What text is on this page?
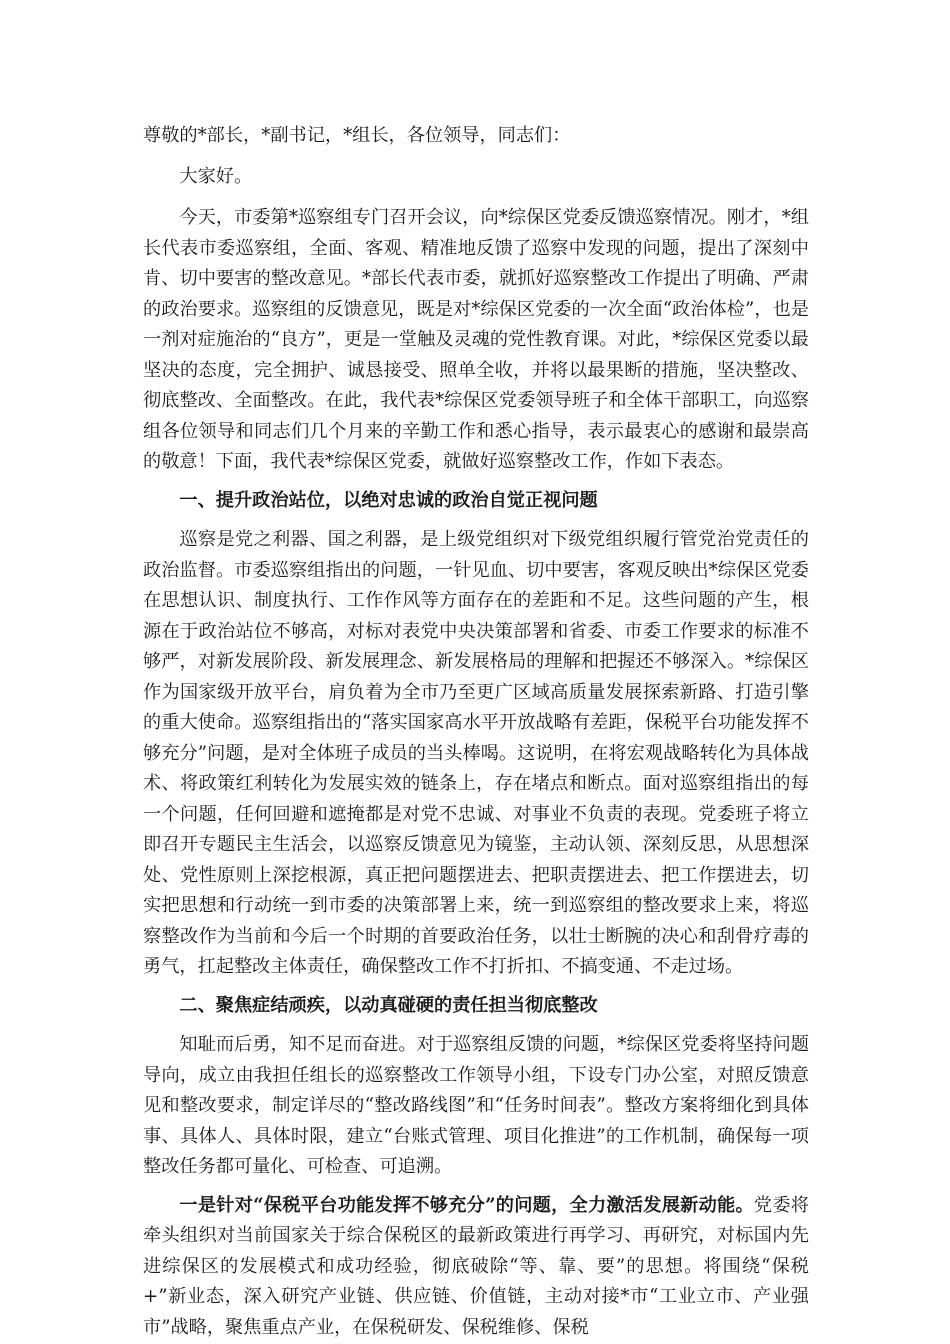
尊敬的*部长，*副书记，*组长，各位领导，同志们：

大家好。

今天，市委第*巡察组专门召开会议，向*综保区党委反馈巡察情况。刚才，*组长代表市委巡察组，全面、客观、精准地反馈了巡察中发现的问题，提出了深刻中肯、切中要害的整改意见。*部长代表市委，就抓好巡察整改工作提出了明确、严肃的政治要求。巡察组的反馈意见，既是对*综保区党委的一次全面“政治体检”，也是一剂对症施治的“良方”，更是一堂触及灵魂的党性教育课。对此，*综保区党委以最坚决的态度，完全拥护、诚恳接受、照单全收，并将以最果断的措施，坚决整改、彻底整改、全面整改。在此，我代表*综保区党委领导班子和全体干部职工，向巡察组各位领导和同志们几个月来的辛勤工作和悉心指导，表示最衷心的感谢和最崇高的敬意！下面，我代表*综保区党委，就做好巡察整改工作，作如下表态。

一、提升政治站位，以绝对忠诚的政治自觉正视问题

巡察是党之利器、国之利器，是上级党组织对下级党组织履行管党治党责任的政治监督。市委巡察组指出的问题，一针见血、切中要害，客观反映出*综保区党委在思想认识、制度执行、工作作风等方面存在的差距和不足。这些问题的产生，根源在于政治站位不够高，对标对表党中央决策部署和省委、市委工作要求的标准不够严，对新发展阶段、新发展理念、新发展格局的理解和把握还不够深入。*综保区作为国家级开放平台，肩负着为全市乃至更广区域高质量发展探索新路、打造引擎的重大使命。巡察组指出的“落实国家高水平开放战略有差距，保税平台功能发挥不够充分”问题，是对全体班子成员的当头棒喝。这说明，在将宏观战略转化为具体战术、将政策红利转化为发展实效的链条上，存在堵点和断点。面对巡察组指出的每一个问题，任何回避和遮掩都是对党不忠诚、对事业不负责的表现。党委班子将立即召开专题民主生活会，以巡察反馈意见为镜鉴，主动认领、深刻反思，从思想深处、党性原则上深挖根源，真正把问题摆进去、把职责摆进去、把工作摆进去，切实把思想和行动统一到市委的决策部署上来，统一到巡察组的整改要求上来，将巡察整改作为当前和今后一个时期的首要政治任务，以壮士断腕的决心和刮骨疗毒的勇气，扛起整改主体责任，确保整改工作不打折扣、不搞变通、不走过场。

二、聚焦症结顽疾，以动真碰硬的责任担当彻底整改

知耻而后勇，知不足而奋进。对于巡察组反馈的问题，*综保区党委将坚持问题导向，成立由我担任组长的巡察整改工作领导小组，下设专门办公室，对照反馈意见和整改要求，制定详尽的“整改路线图”和“任务时间表”。整改方案将细化到具体事、具体人、具体时限，建立“台账式管理、项目化推进”的工作机制，确保每一项整改任务都可量化、可检查、可追溯。

一是针对“保税平台功能发挥不够充分”的问题，全力激活发展新动能。党委将牵头组织对当前国家关于综合保税区的最新政策进行再学习、再研究，对标国内先进综保区的发展模式和成功经验，彻底破除“等、靠、要”的思想。将围绕“保税+”新业态，深入研究产业链、供应链、价值链，主动对接*市“工业立市、产业强市”战略，聚焦重点产业，在保税研发、保税维修、保税
